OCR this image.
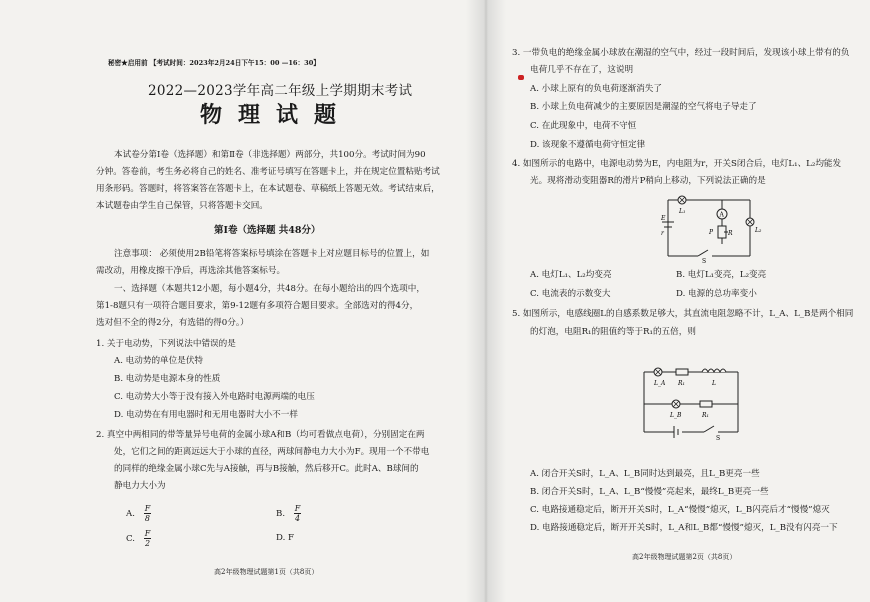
秘密★启用前 【考试时间：2023年2月24日下午15：00 —16：30】
2022—2023学年高二年级上学期期末考试
物理试题
本试卷分第Ⅰ卷（选择题）和第Ⅱ卷（非选择题）两部分，共100分。考试时间为90
分钟。答卷前，考生务必将自己的姓名、准考证号填写在答题卡上，并在规定位置粘贴考试
用条形码。答题时，将答案答在答题卡上，在本试题卷、草稿纸上答题无效。考试结束后，
本试题卷由学生自己保管，只将答题卡交回。
第Ⅰ卷（选择题 共48分）
注意事项： 必须使用2B铅笔将答案标号填涂在答题卡上对应题目标号的位置上，如
需改动，用橡皮擦干净后，再选涂其他答案标号。
一、选择题（本题共12小题，每小题4分，共48分。在每小题给出的四个选项中，
第1-8题只有一项符合题目要求，第9-12题有多项符合题目要求。全部选对的得4分，
选对但不全的得2分，有选错的得0分。）
1. 关于电动势，下列说法中错误的是
A. 电动势的单位是伏特
B. 电动势是电源本身的性质
C. 电动势大小等于没有接入外电路时电源两端的电压
D. 电动势在有用电器时和无用电器时大小不一样
2. 真空中两相同的带等量异号电荷的金属小球A和B（均可看做点电荷），分别固定在两
处，它们之间的距离远远大于小球的直径，两球间静电力大小为F。现用一个不带电
的同样的绝缘金属小球C先与A接触，再与B接触，然后移开C。此时A、B球间的
静电力大小为
A. $\frac{F}{8}$	B. $\frac{F}{4}$
C. $\frac{F}{2}$	D. F
高2年级物理试题第1页（共8页）
3. 一带负电的绝缘金属小球放在潮湿的空气中，经过一段时间后，发现该小球上带有的负
电荷几乎不存在了，这说明
A. 小球上原有的负电荷逐渐消失了
B. 小球上负电荷减少的主要原因是潮湿的空气将电子导走了
C. 在此现象中，电荷不守恒
D. 该现象不遵循电荷守恒定律
4. 如图所示的电路中，电源电动势为E，内电阻为r，开关S闭合后，电灯L₁、L₂均能发
光。现将滑动变阻器R的滑片P稍向上移动，下列说法正确的是
L₁	A
L₂
R
P
E
r
S
A. 电灯L₁、L₂均变亮	B. 电灯L₁变亮，L₂变亮
C. 电流表的示数变大	D. 电源的总功率变小
5. 如图所示，电感线圈L的自感系数足够大，其直流电阻忽略不计，L_A、L_B是两个相同
的灯泡，电阻R₁的阻值约等于R₁的五倍，则
L_A R₁	L
L_B	R₁
S
A. 闭合开关S时，L_A、L_B同时达到最亮，且L_B更亮一些
B. 闭合开关S时，L_A、L_B“慢慢”亮起来，最终L_B更亮一些
C. 电路接通稳定后，断开开关S时，L_A“慢慢”熄灭，L_B闪亮后才“慢慢”熄灭
D. 电路接通稳定后，断开开关S时，L_A和L_B都“慢慢”熄灭，L_B没有闪亮一下
高2年级物理试题第2页（共8页）
